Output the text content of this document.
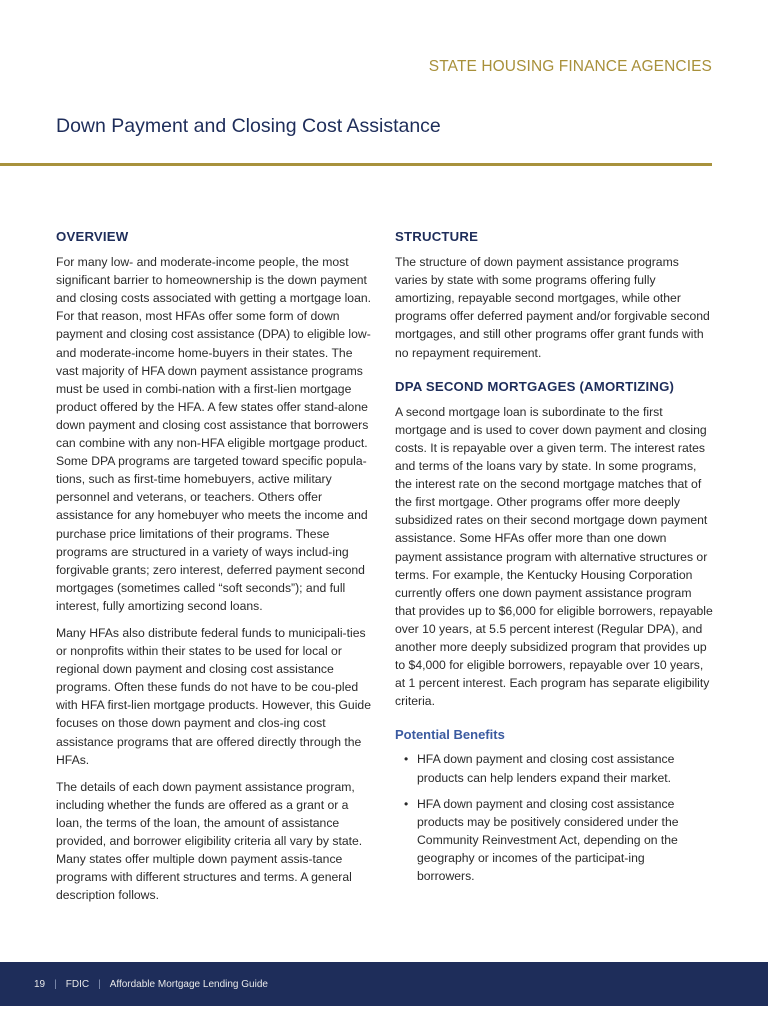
STATE HOUSING FINANCE AGENCIES
Down Payment and Closing Cost Assistance
OVERVIEW

For many low- and moderate-income people, the most significant barrier to homeownership is the down payment and closing costs associated with getting a mortgage loan. For that reason, most HFAs offer some form of down payment and closing cost assistance (DPA) to eligible low- and moderate-income home-buyers in their states. The vast majority of HFA down payment assistance programs must be used in combi-nation with a first-lien mortgage product offered by the HFA. A few states offer stand-alone down payment and closing cost assistance that borrowers can combine with any non-HFA eligible mortgage product. Some DPA programs are targeted toward specific popula-tions, such as first-time homebuyers, active military personnel and veterans, or teachers. Others offer assistance for any homebuyer who meets the income and purchase price limitations of their programs. These programs are structured in a variety of ways includ-ing forgivable grants; zero interest, deferred payment second mortgages (sometimes called “soft seconds”); and full interest, fully amortizing second loans.

Many HFAs also distribute federal funds to municipali-ties or nonprofits within their states to be used for local or regional down payment and closing cost assistance programs. Often these funds do not have to be cou-pled with HFA first-lien mortgage products. However, this Guide focuses on those down payment and clos-ing cost assistance programs that are offered directly through the HFAs.

The details of each down payment assistance program, including whether the funds are offered as a grant or a loan, the terms of the loan, the amount of assistance provided, and borrower eligibility criteria all vary by state. Many states offer multiple down payment assis-tance programs with different structures and terms. A general description follows.

STRUCTURE

The structure of down payment assistance programs varies by state with some programs offering fully amortizing, repayable second mortgages, while other programs offer deferred payment and/or forgivable second mortgages, and still other programs offer grant funds with no repayment requirement.

DPA SECOND MORTGAGES (AMORTIZING)

A second mortgage loan is subordinate to the first mortgage and is used to cover down payment and closing costs. It is repayable over a given term. The interest rates and terms of the loans vary by state. In some programs, the interest rate on the second mortgage matches that of the first mortgage. Other programs offer more deeply subsidized rates on their second mortgage down payment assistance. Some HFAs offer more than one down payment assistance program with alternative structures or terms. For example, the Kentucky Housing Corporation currently offers one down payment assistance program that provides up to $6,000 for eligible borrowers, repayable over 10 years, at 5.5 percent interest (Regular DPA), and another more deeply subsidized program that provides up to $4,000 for eligible borrowers, repayable over 10 years, at 1 percent interest. Each program has separate eligibility criteria.

Potential Benefits
• HFA down payment and closing cost assistance products can help lenders expand their market.
• HFA down payment and closing cost assistance products may be positively considered under the Community Reinvestment Act, depending on the geography or incomes of the participat-ing borrowers.
19 | FDIC | Affordable Mortgage Lending Guide
